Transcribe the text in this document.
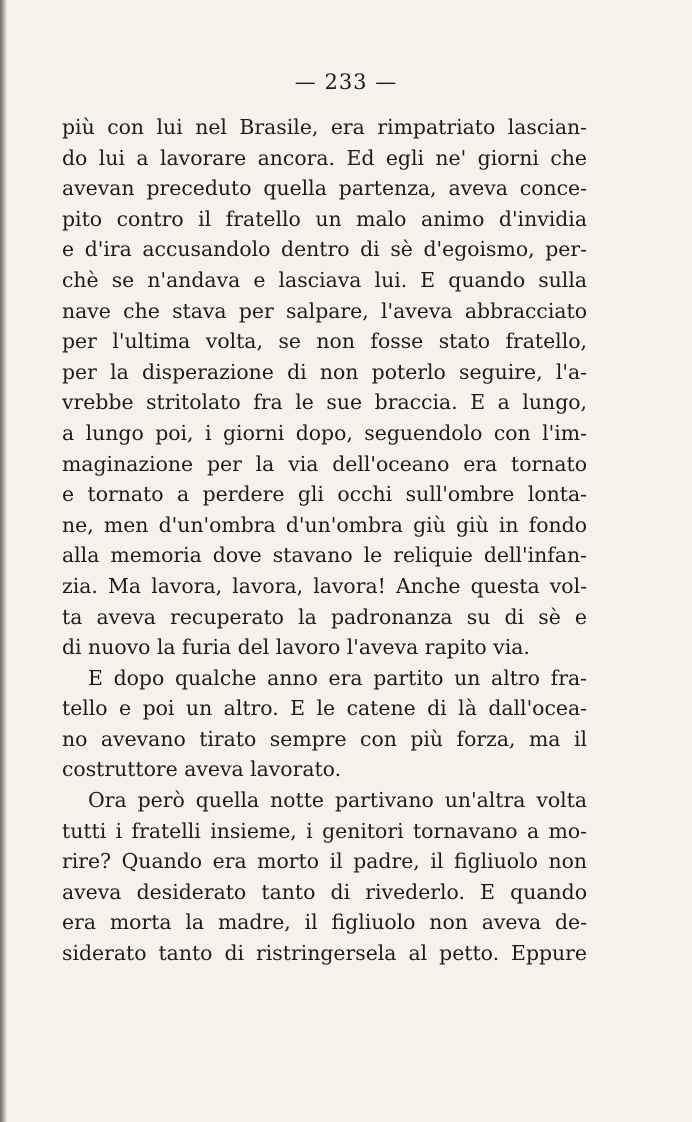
— 233 —
più con lui nel Brasile, era rimpatriato lascian-
do lui a lavorare ancora. Ed egli ne' giorni che
avevan preceduto quella partenza, aveva conce-
pito contro il fratello un malo animo d'invidia
e d'ira accusandolo dentro di sè d'egoismo, per-
chè se n'andava e lasciava lui. E quando sulla
nave che stava per salpare, l'aveva abbracciato
per l'ultima volta, se non fosse stato fratello,
per la disperazione di non poterlo seguire, l'a-
vrebbe stritolato fra le sue braccia. E a lungo,
a lungo poi, i giorni dopo, seguendolo con l'im-
maginazione per la via dell'oceano era tornato
e tornato a perdere gli occhi sull'ombre lonta-
ne, men d'un'ombra d'un'ombra giù giù in fondo
alla memoria dove stavano le reliquie dell'infan-
zia. Ma lavora, lavora, lavora! Anche questa vol-
ta aveva recuperato la padronanza su di sè e
di nuovo la furia del lavoro l'aveva rapito via.
E dopo qualche anno era partito un altro fra-
tello e poi un altro. E le catene di là dall'ocea-
no avevano tirato sempre con più forza, ma il
costruttore aveva lavorato.
Ora però quella notte partivano un'altra volta
tutti i fratelli insieme, i genitori tornavano a mo-
rire? Quando era morto il padre, il figliuolo non
aveva desiderato tanto di rivederlo. E quando
era morta la madre, il figliuolo non aveva de-
siderato tanto di ristringersela al petto. Eppure
